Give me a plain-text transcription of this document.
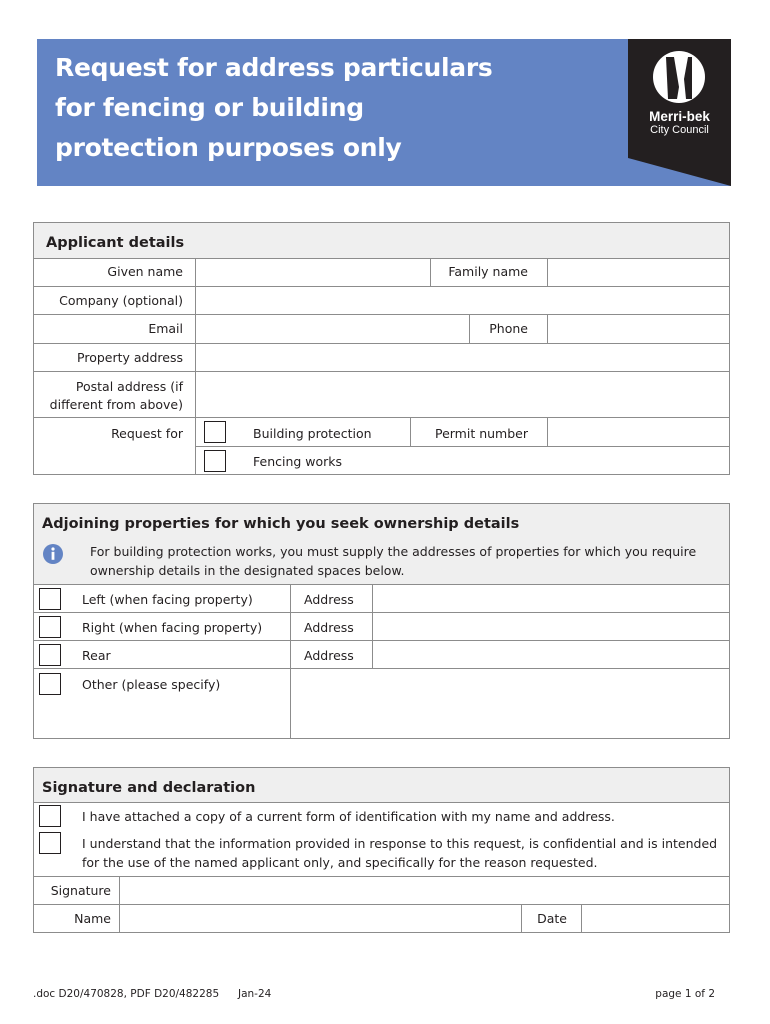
Request for address particulars
for fencing or building
protection purposes only
Merri-bek
City Council
Applicant details
Given name	Family name
Company (optional)
Email	Phone
Property address
Postal address (if
different from above)
Request for	Building protection	Permit number
Fencing works
Adjoining properties for which you seek ownership details
For building protection works, you must supply the addresses of properties for which you require
ownership details in the designated spaces below.
Left (when facing property)	Address
Right (when facing property)	Address
Rear	Address
Other (please specify)
Signature and declaration
I have attached a copy of a current form of identification with my name and address.
I understand that the information provided in response to this request, is confidential and is intended
for the use of the named applicant only, and specifically for the reason requested.
Signature
Name	Date
.doc D20/470828, PDF D20/482285 Jan-24	page 1 of 2
